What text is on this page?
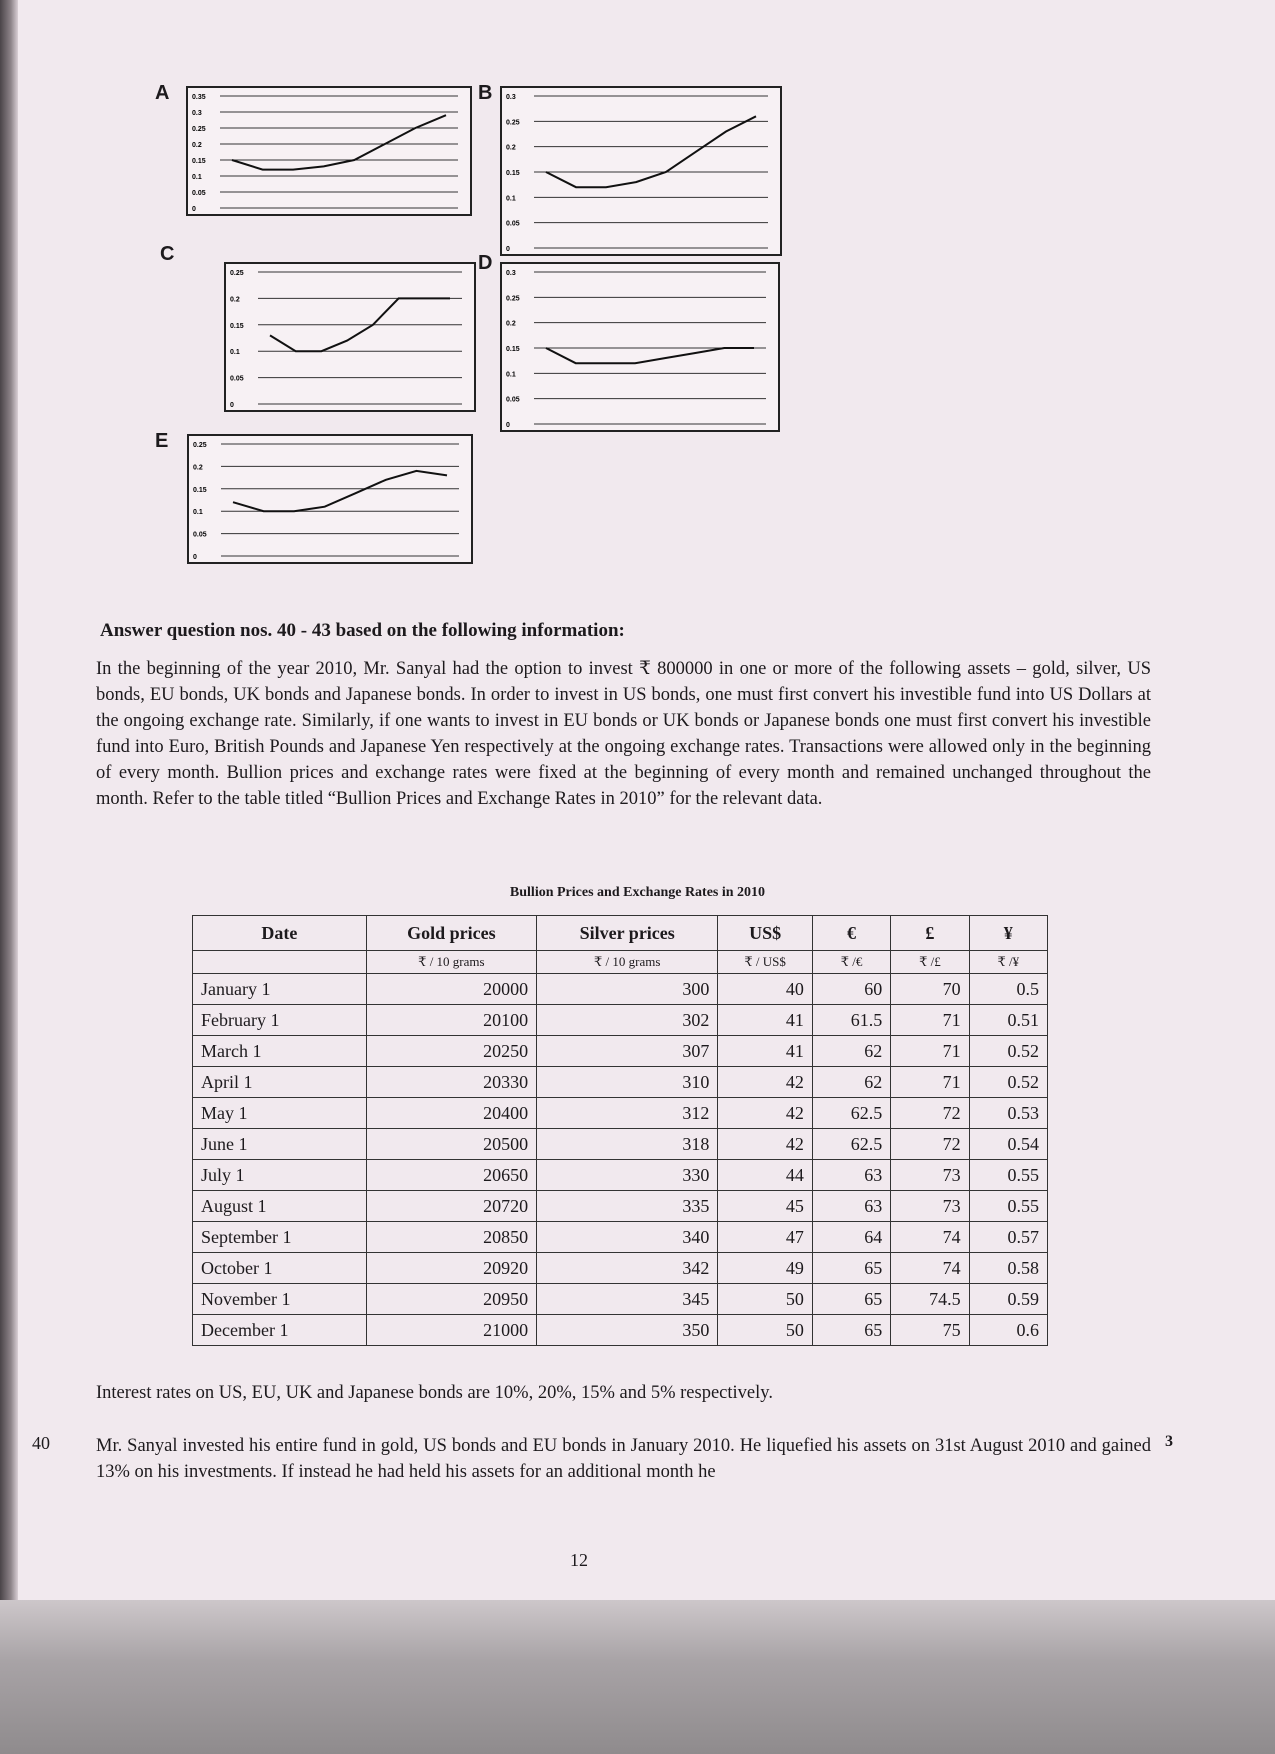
A	0.35
0.3
0.25
0.2
0.15
0.1
0.05
0
B 0.3
0.25
0.2
0.15
0.1
0.05
0
C
0.25
0.2
0.15
0.1
0.05
0
D 0.3
0.25
0.2
0.15
0.1
0.05
0
E	0.25
0.2
0.15
0.1
0.05
0
Answer question nos. 40 - 43 based on the following information:
In the beginning of the year 2010, Mr. Sanyal had the option to invest ₹ 800000 in one or more of the following assets – gold, silver, US bonds, EU bonds, UK bonds and Japanese bonds. In order to invest in US bonds, one must first convert his investible fund into US Dollars at the ongoing exchange rate. Similarly, if one wants to invest in EU bonds or UK bonds or Japanese bonds one must first convert his investible fund into Euro, British Pounds and Japanese Yen respectively at the ongoing exchange rates. Transactions were allowed only in the beginning of every month. Bullion prices and exchange rates were fixed at the beginning of every month and remained unchanged throughout the month. Refer to the table titled “Bullion Prices and Exchange Rates in 2010” for the relevant data.
Bullion Prices and Exchange Rates in 2010
Date	Gold prices	Silver prices	US$	€	£	¥
	₹ / 10 grams	₹ / 10 grams	₹ / US$	₹ /€	₹ /£	₹ /¥
January 1	20000	300	40	60	70	0.5
February 1	20100	302	41	61.5	71	0.51
March 1	20250	307	41	62	71	0.52
April 1	20330	310	42	62	71	0.52
May 1	20400	312	42	62.5	72	0.53
June 1	20500	318	42	62.5	72	0.54
July 1	20650	330	44	63	73	0.55
August 1	20720	335	45	63	73	0.55
September 1	20850	340	47	64	74	0.57
October 1	20920	342	49	65	74	0.58
November 1	20950	345	50	65	74.5	0.59
December 1	21000	350	50	65	75	0.6
Interest rates on US, EU, UK and Japanese bonds are 10%, 20%, 15% and 5% respectively.
40	3
Mr. Sanyal invested his entire fund in gold, US bonds and EU bonds in January 2010. He liquefied his assets on 31st August 2010 and gained 13% on his investments. If instead he had held his assets for an additional month he
12
